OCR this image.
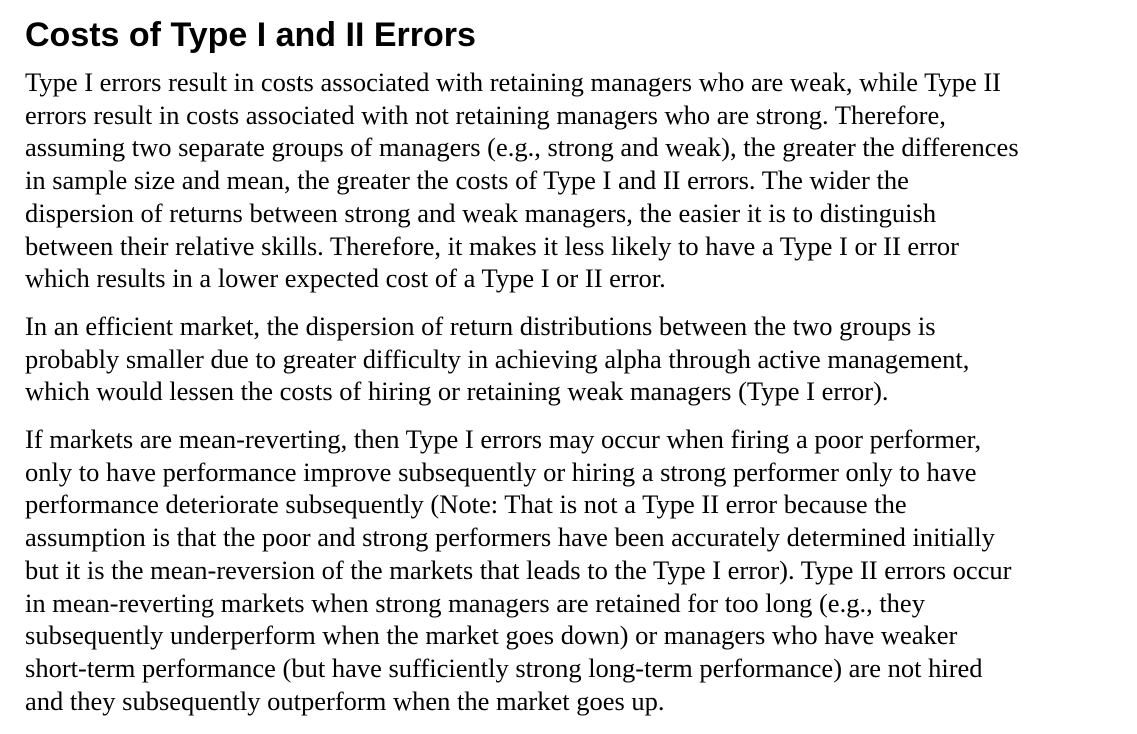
Costs of Type I and II Errors

Type I errors result in costs associated with retaining managers who are weak, while Type II
errors result in costs associated with not retaining managers who are strong. Therefore,
assuming two separate groups of managers (e.g., strong and weak), the greater the differences
in sample size and mean, the greater the costs of Type I and II errors. The wider the
dispersion of returns between strong and weak managers, the easier it is to distinguish
between their relative skills. Therefore, it makes it less likely to have a Type I or II error
which results in a lower expected cost of a Type I or II error.

In an efficient market, the dispersion of return distributions between the two groups is
probably smaller due to greater difficulty in achieving alpha through active management,
which would lessen the costs of hiring or retaining weak managers (Type I error).

If markets are mean-reverting, then Type I errors may occur when firing a poor performer,
only to have performance improve subsequently or hiring a strong performer only to have
performance deteriorate subsequently (Note: That is not a Type II error because the
assumption is that the poor and strong performers have been accurately determined initially
but it is the mean-reversion of the markets that leads to the Type I error). Type II errors occur
in mean-reverting markets when strong managers are retained for too long (e.g., they
subsequently underperform when the market goes down) or managers who have weaker
short-term performance (but have sufficiently strong long-term performance) are not hired
and they subsequently outperform when the market goes up.
